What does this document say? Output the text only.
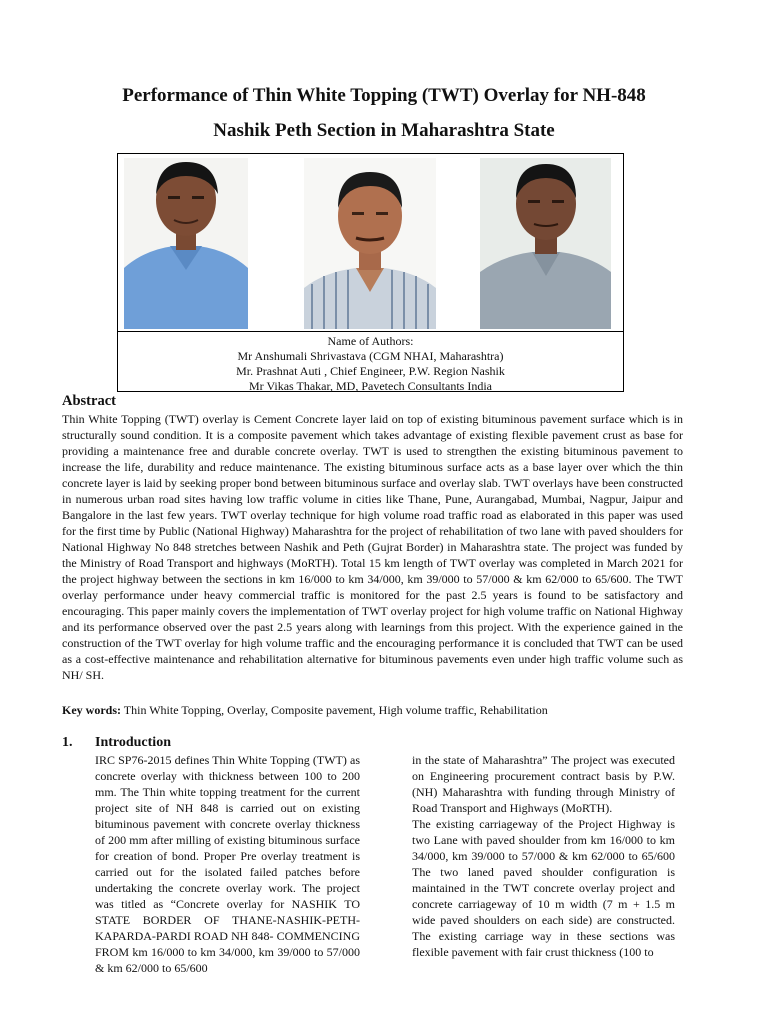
Performance of Thin White Topping (TWT) Overlay for NH-848
Nashik Peth Section in Maharashtra State
Name of Authors:
Mr Anshumali Shrivastava (CGM NHAI, Maharashtra)
Mr. Prashnat Auti , Chief Engineer, P.W. Region Nashik
Mr Vikas Thakar, MD, Pavetech Consultants India
Abstract
Thin White Topping (TWT) overlay is Cement Concrete layer laid on top of existing bituminous pavement surface which is in structurally sound condition. It is a composite pavement which takes advantage of existing flexible pavement crust as base for providing a maintenance free and durable concrete overlay. TWT is used to strengthen the existing bituminous pavement to increase the life, durability and reduce maintenance. The existing bituminous surface acts as a base layer over which the thin concrete layer is laid by seeking proper bond between bituminous surface and overlay slab. TWT overlays have been constructed in numerous urban road sites having low traffic volume in cities like Thane, Pune, Aurangabad, Mumbai, Nagpur, Jaipur and Bangalore in the last few years. TWT overlay technique for high volume road traffic road as elaborated in this paper was used for the first time by Public (National Highway) Maharashtra for the project of rehabilitation of two lane with paved shoulders for National Highway No 848 stretches between Nashik and Peth (Gujrat Border) in Maharashtra state. The project was funded by the Ministry of Road Transport and highways (MoRTH). Total 15 km length of TWT overlay was completed in March 2021 for the project highway between the sections in km 16/000 to km 34/000, km 39/000 to 57/000 & km 62/000 to 65/600. The TWT overlay performance under heavy commercial traffic is monitored for the past 2.5 years is found to be satisfactory and encouraging. This paper mainly covers the implementation of TWT overlay project for high volume traffic on National Highway and its performance observed over the past 2.5 years along with learnings from this project. With the experience gained in the construction of the TWT overlay for high volume traffic and the encouraging performance it is concluded that TWT can be used as a cost-effective maintenance and rehabilitation alternative for bituminous pavements even under high traffic volume such as NH/ SH.
Key words: Thin White Topping, Overlay, Composite pavement, High volume traffic, Rehabilitation
1. Introduction

IRC SP76-2015 defines Thin White Topping (TWT) as concrete overlay with thickness between 100 to 200 mm. The Thin white topping treatment for the current project site of NH 848 is carried out on existing bituminous pavement with concrete overlay thickness of 200 mm after milling of existing bituminous surface for creation of bond. Proper Pre overlay treatment is carried out for the isolated failed patches before undertaking the concrete overlay work. The project was titled as “Concrete overlay for NASHIK TO STATE BORDER OF THANE-NASHIK-PETH-KAPARDA-PARDI ROAD NH 848- COMMENCING FROM km 16/000 to km 34/000, km 39/000 to 57/000 & km 62/000 to 65/600

in the state of Maharashtra” The project was executed on Engineering procurement contract basis by P.W. (NH) Maharashtra with funding through Ministry of Road Transport and Highways (MoRTH).

The existing carriageway of the Project Highway is two Lane with paved shoulder from km 16/000 to km 34/000, km 39/000 to 57/000 & km 62/000 to 65/600 The two laned paved shoulder configuration is maintained in the TWT concrete overlay project and concrete carriageway of 10 m width (7 m + 1.5 m wide paved shoulders on each side) are constructed. The existing carriage way in these sections was flexible pavement with fair crust thickness (100 to
